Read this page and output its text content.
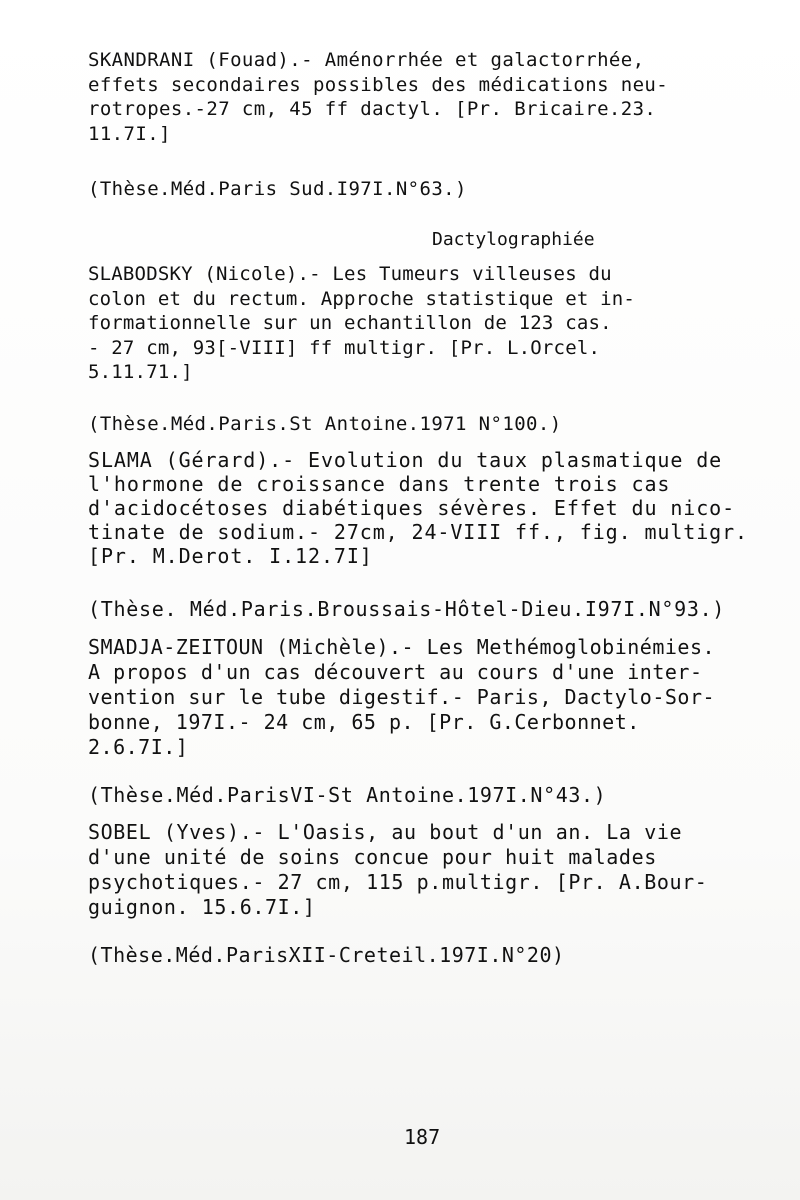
SKANDRANI (Fouad).- Aménorrhée et galactorrhée,

effets secondaires possibles des médications neu-

rotropes.-27 cm, 45 ff dactyl. [Pr. Bricaire.23.

11.7I.]

(Thèse.Méd.Paris Sud.I97I.N°63.)

Dactylographiée

SLABODSKY (Nicole).- Les Tumeurs villeuses du

colon et du rectum. Approche statistique et in-

formationnelle sur un echantillon de 123 cas.

- 27 cm, 93[-VIII] ff multigr. [Pr. L.Orcel.

5.11.71.]

(Thèse.Méd.Paris.St Antoine.1971 N°100.)

SLAMA (Gérard).- Evolution du taux plasmatique de

l'hormone de croissance dans trente trois cas

d'acidocétoses diabétiques sévères. Effet du nico-

tinate de sodium.- 27cm, 24-VIII ff., fig. multigr.

[Pr. M.Derot. I.12.7I]

(Thèse. Méd.Paris.Broussais-Hôtel-Dieu.I97I.N°93.)

SMADJA-ZEITOUN (Michèle).- Les Methémoglobinémies.

A propos d'un cas découvert au cours d'une inter-

vention sur le tube digestif.- Paris, Dactylo-Sor-

bonne, 197I.- 24 cm, 65 p. [Pr. G.Cerbonnet.

2.6.7I.]

(Thèse.Méd.ParisVI-St Antoine.197I.N°43.)

SOBEL (Yves).- L'Oasis, au bout d'un an. La vie

d'une unité de soins concue pour huit malades

psychotiques.- 27 cm, 115 p.multigr. [Pr. A.Bour-

guignon. 15.6.7I.]

(Thèse.Méd.ParisXII-Creteil.197I.N°20)

187
